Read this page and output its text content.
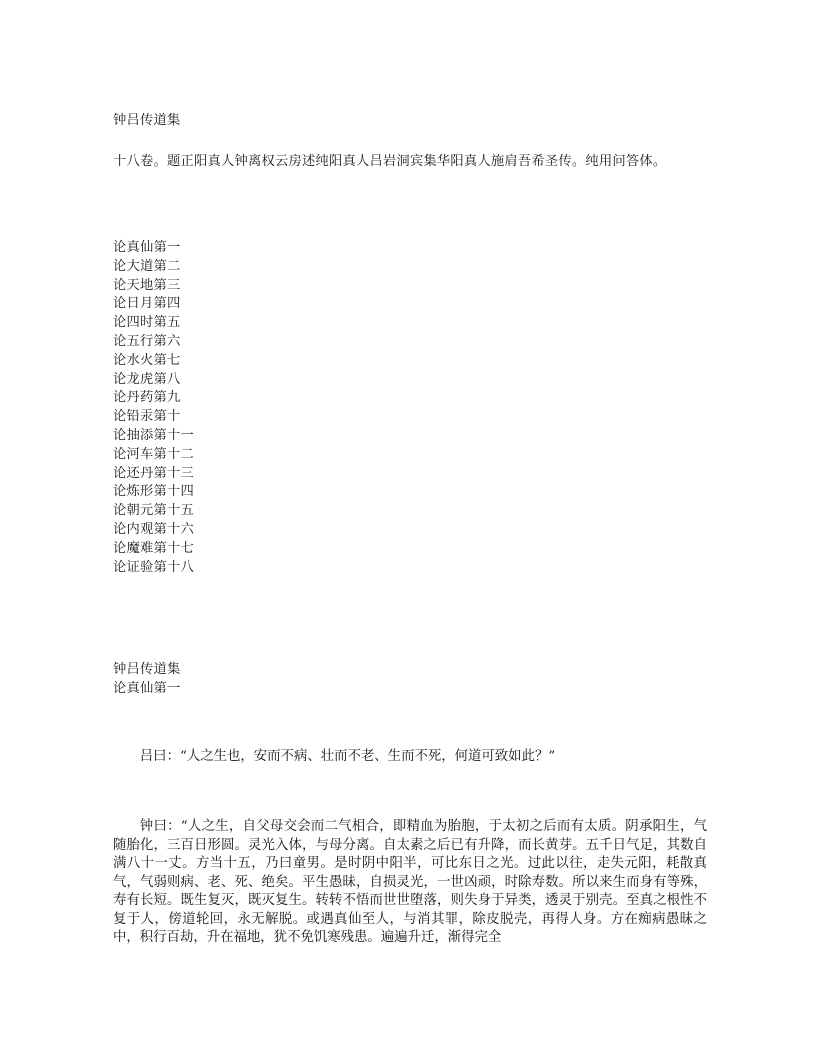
钟吕传道集
十八卷。题正阳真人钟离权云房述纯阳真人吕岩洞宾集华阳真人施肩吾希圣传。纯用问答体。
论真仙第一
论大道第二
论天地第三
论日月第四
论四时第五
论五行第六
论水火第七
论龙虎第八
论丹药第九
论铅汞第十
论抽添第十一
论河车第十二
论还丹第十三
论炼形第十四
论朝元第十五
论内观第十六
论魔难第十七
论证验第十八
钟吕传道集
论真仙第一
吕曰：“人之生也，安而不病、壮而不老、生而不死，何道可致如此？”
钟曰：“人之生，自父母交会而二气相合，即精血为胎胞，于太初之后而有太质。阴承阳生，气随胎化，三百日形圆。灵光入体，与母分离。自太素之后已有升降，而长黄芽。五千日气足，其数自满八十一丈。方当十五，乃曰童男。是时阴中阳半，可比东日之光。过此以往，走失元阳，耗散真气，气弱则病、老、死、绝矣。平生愚昧，自损灵光，一世凶顽，时除寿数。所以来生而身有等殊，寿有长短。既生复灭，既灭复生。转转不悟而世世堕落，则失身于异类，透灵于别壳。至真之根性不复于人，傍道轮回，永无解脱。或遇真仙至人，与消其罪，除皮脱壳，再得人身。方在痴病愚昧之中，积行百劫，升在福地，犹不免饥寒残患。遍遍升迁，渐得完全
